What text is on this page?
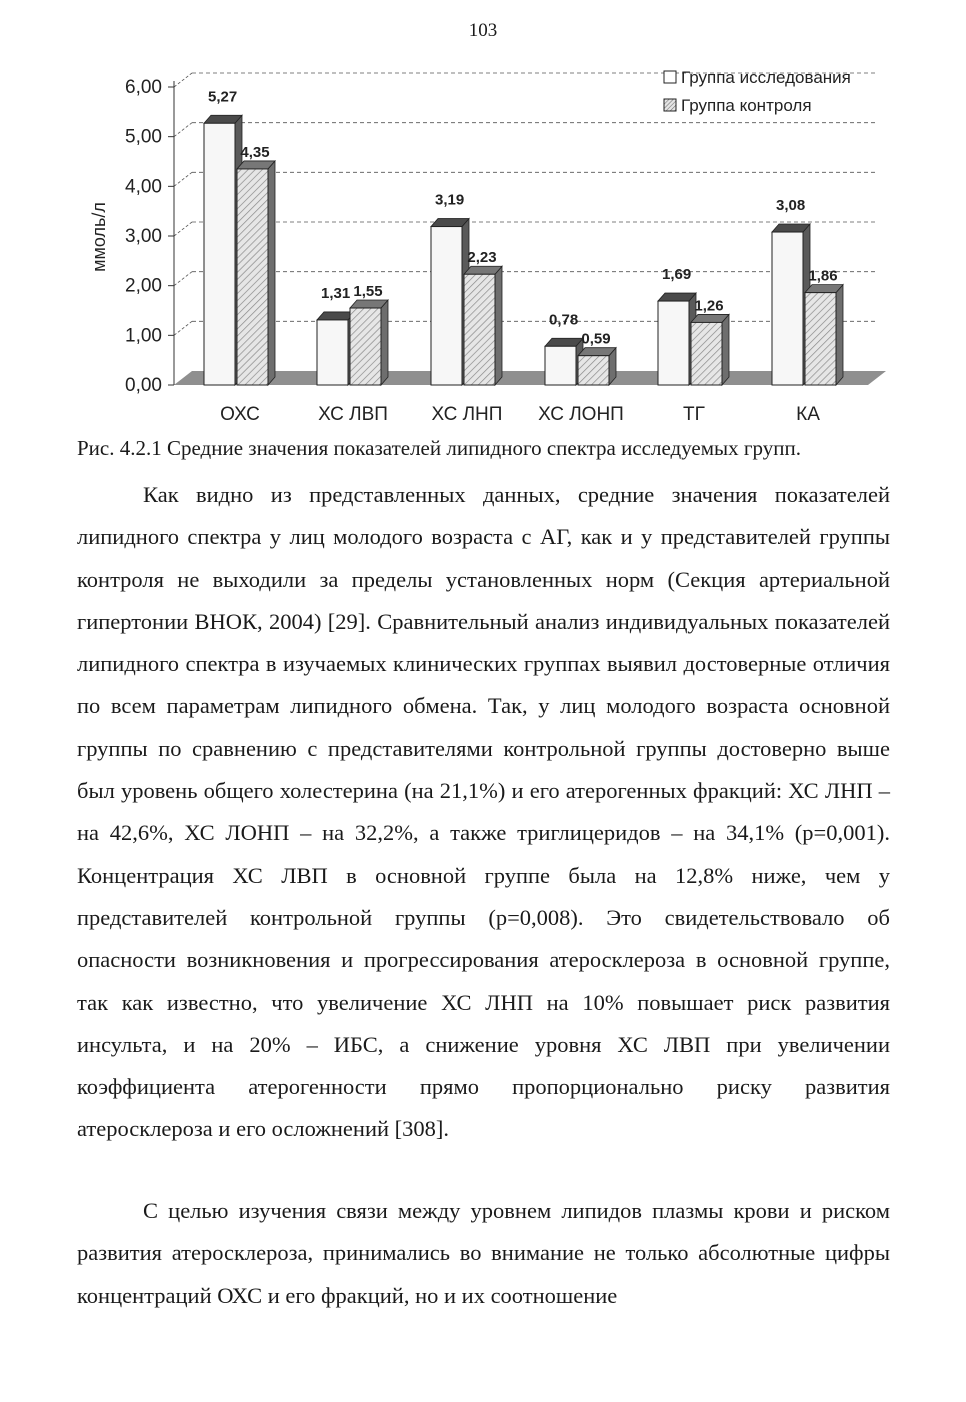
103
0,00
1,00
2,00
3,00
4,00
5,00
6,00
ммоль/л
5,27
4,35
ОХС
1,31 1,55
ХС ЛВП
3,19
2,23
ХС ЛНП
0,78
0,59
ХС ЛОНП
1,69
1,26
ТГ
3,08
1,86
КА
Группа исследования
Группа контроля
Рис. 4.2.1 Средние значения показателей липидного спектра исследуемых групп.

Как видно из представленных данных, средние значения показателей липидного спектра у лиц молодого возраста с АГ, как и у представителей группы контроля не выходили за пределы установленных норм (Секция артериальной гипертонии ВНОК, 2004) [29]. Сравнительный анализ индивидуальных показателей липидного спектра в изучаемых клинических группах выявил достоверные отличия по всем параметрам липидного обмена. Так, у лиц молодого возраста основной группы по сравнению с представителями контрольной группы достоверно выше был уровень общего холестерина (на 21,1%) и его атерогенных фракций: ХС ЛНП – на 42,6%, ХС ЛОНП – на 32,2%, а также триглицеридов – на 34,1% (р=0,001). Концентрация ХС ЛВП в основной группе была на 12,8% ниже, чем у представителей контрольной группы (р=0,008). Это свидетельствовало об опасности возникновения и прогрессирования атеросклероза в основной группе, так как известно, что увеличение ХС ЛНП на 10% повышает риск развития инсульта, и на 20% – ИБС, а снижение уровня ХС ЛВП при увеличении коэффициента атерогенности прямо пропорционально риску развития атеросклероза и его осложнений [308].

С целью изучения связи между уровнем липидов плазмы крови и риском развития атеросклероза, принимались во внимание не только абсолютные цифры концентраций ОХС и его фракций, но и их соотношение
